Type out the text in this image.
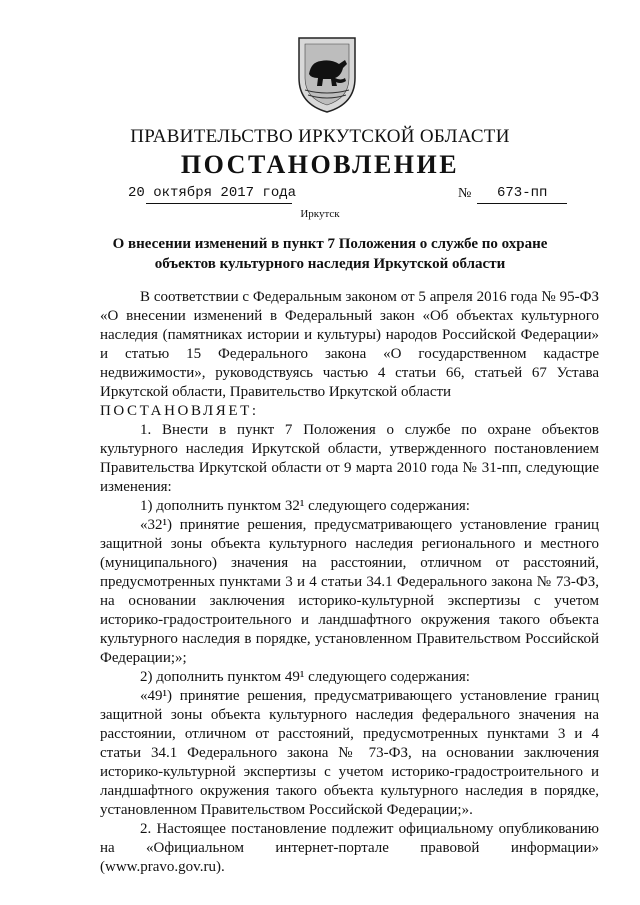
ПРАВИТЕЛЬСТВО ИРКУТСКОЙ ОБЛАСТИ
ПОСТАНОВЛЕНИЕ
20 октября 2017 года	№ 673-пп
Иркутск
О внесении изменений в пункт 7 Положения о службе по охране объектов культурного наследия Иркутской области

В соответствии с Федеральным законом от 5 апреля 2016 года № 95-ФЗ «О внесении изменений в Федеральный закон «Об объектах культурного наследия (памятниках истории и культуры) народов Российской Федерации» и статью 15 Федерального закона «О государственном кадастре недвижимости», руководствуясь частью 4 статьи 66, статьей 67 Устава Иркутской области, Правительство Иркутской области

ПОСТАНОВЛЯЕТ:

1. Внести в пункт 7 Положения о службе по охране объектов культурного наследия Иркутской области, утвержденного постановлением Правительства Иркутской области от 9 марта 2010 года № 31-пп, следующие изменения:

1) дополнить пунктом 32¹ следующего содержания:

«32¹) принятие решения, предусматривающего установление границ защитной зоны объекта культурного наследия регионального и местного (муниципального) значения на расстоянии, отличном от расстояний, предусмотренных пунктами 3 и 4 статьи 34.1 Федерального закона № 73-ФЗ, на основании заключения историко-культурной экспертизы с учетом историко-градостроительного и ландшафтного окружения такого объекта культурного наследия в порядке, установленном Правительством Российской Федерации;»;

2) дополнить пунктом 49¹ следующего содержания:

«49¹) принятие решения, предусматривающего установление границ защитной зоны объекта культурного наследия федерального значения на расстоянии, отличном от расстояний, предусмотренных пунктами 3 и 4 статьи 34.1 Федерального закона № 73-ФЗ, на основании заключения историко-культурной экспертизы с учетом историко-градостроительного и ландшафтного окружения такого объекта культурного наследия в порядке, установленном Правительством Российской Федерации;».

2. Настоящее постановление подлежит официальному опубликованию на «Официальном интернет-портале правовой информации» (www.pravo.gov.ru).
